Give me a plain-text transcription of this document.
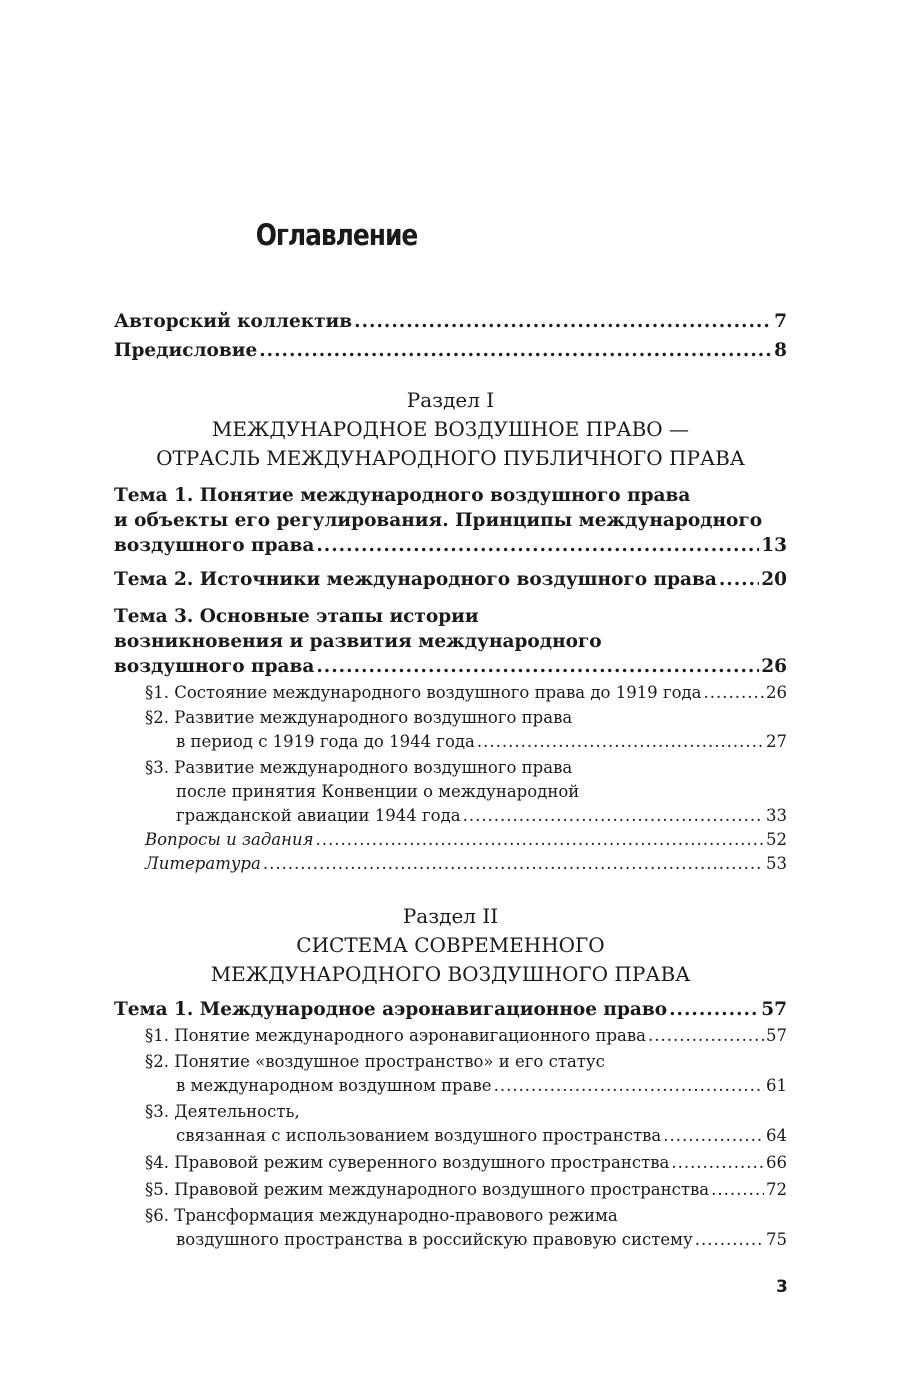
Оглавление
Авторский коллектив .....	7
Предисловие .....	8
Раздел I
МЕЖДУНАРОДНОЕ ВОЗДУШНОЕ ПРАВО —
ОТРАСЛЬ МЕЖДУНАРОДНОГО ПУБЛИЧНОГО ПРАВА
Тема 1. Понятие международного воздушного права
и объекты его регулирования. Принципы международного
воздушного права .....	13
Тема 2. Источники международного воздушного права ..... 20
Тема 3. Основные этапы истории
возникновения и развития международного
воздушного права .....	26
§1. Состояние международного воздушного права до 1919 года .....	26
§2. Развитие международного воздушного права
в период с 1919 года до 1944 года .....	27
§3. Развитие международного воздушного права
после принятия Конвенции о международной
гражданской авиации 1944 года .....	33
Вопросы и задания .....	52
Литература .....	53
Раздел II
СИСТЕМА СОВРЕМЕННОГО
МЕЖДУНАРОДНОГО ВОЗДУШНОГО ПРАВА
Тема 1. Международное аэронавигационное право .....	57
§1. Понятие международного аэронавигационного права .....	57
§2. Понятие «воздушное пространство» и его статус
в международном воздушном праве .....	61
§3. Деятельность,
связанная с использованием воздушного пространства .....	64
§4. Правовой режим суверенного воздушного пространства .....	66
§5. Правовой режим международного воздушного пространства .....	72
§6. Трансформация международно-правового режима
воздушного пространства в российскую правовую систему .....	75
3
